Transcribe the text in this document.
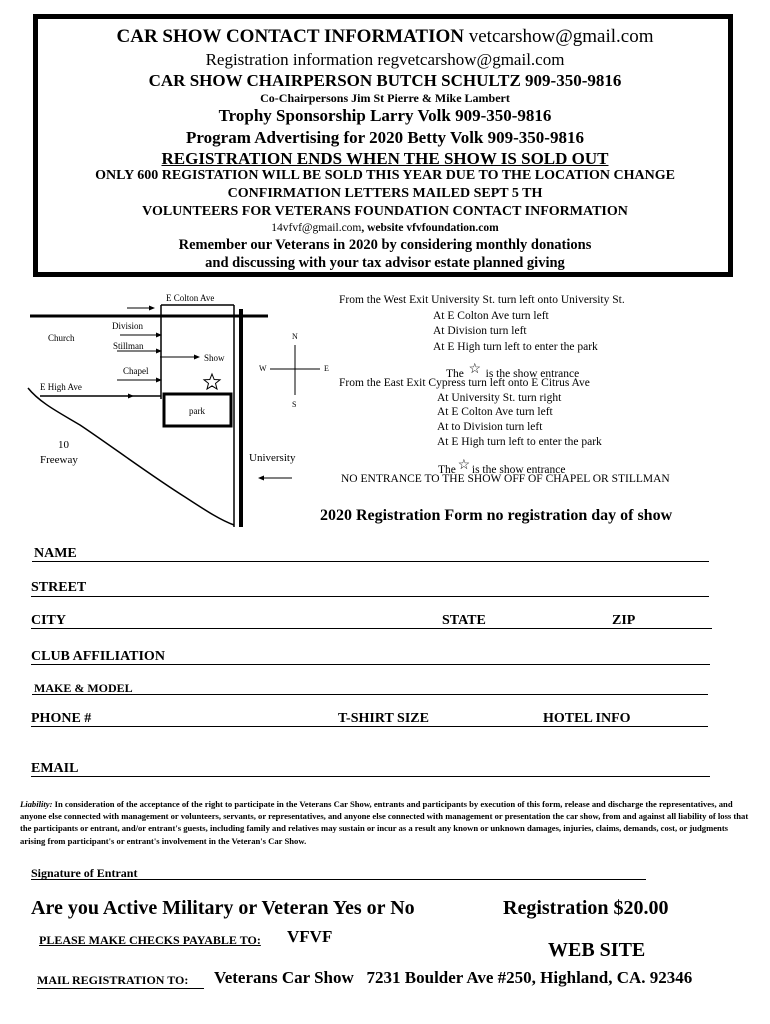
CAR SHOW CONTACT INFORMATION vetcarshow@gmail.com
Registration information regvetcarshow@gmail.com
CAR SHOW CHAIRPERSON BUTCH SCHULTZ 909-350-9816
Co-Chairpersons Jim St Pierre & Mike Lambert
Trophy Sponsorship Larry Volk 909-350-9816
Program Advertising for 2020 Betty Volk 909-350-9816
REGISTRATION ENDS WHEN THE SHOW IS SOLD OUT
ONLY 600 REGISTATION WILL BE SOLD THIS YEAR DUE TO THE LOCATION CHANGE
CONFIRMATION LETTERS MAILED SEPT 5 TH
VOLUNTEERS FOR VETERANS FOUNDATION CONTACT INFORMATION
14vfvf@gmail.com, website vfvfoundation.com
Remember our Veterans in 2020 by considering monthly donations
and discussing with your tax advisor estate planned giving
E Colton Ave
Division
Church
Stillman
Show
Chapel
E High Ave
park
10
Freeway	University
N
S
W	E
From the West Exit University St. turn left onto University St.
At E Colton Ave turn left
At Division turn left
At E High turn left to enter the park
The ☆ is the show entrance
From the East Exit Cypress turn left onto E Citrus Ave
At University St. turn right
At E Colton Ave turn left
At to Division turn left
At E High turn left to enter the park
The ☆ is the show entrance
NO ENTRANCE TO THE SHOW OFF OF CHAPEL OR STILLMAN
2020 Registration Form no registration day of show
NAME
STREET
CITY	STATE	ZIP
CLUB AFFILIATION
MAKE & MODEL
PHONE #	T-SHIRT SIZE	HOTEL INFO
EMAIL
Liability: In consideration of the acceptance of the right to participate in the Veterans Car Show, entrants and participants by execution of this form, release and discharge the representatives, and anyone else connected with management or volunteers, servants, or representatives, and anyone else connected with management or presentation the car show, from and against all liability of loss that the participants or entrant, and/or entrant's guests, including family and relatives may sustain or incur as a result any known or unknown damages, injuries, claims, demands, cost, or judgments arising from participant's or entrant's involvement in the Veteran's Car Show.
Signature of Entrant
Are you Active Military or Veteran Yes or No	Registration $20.00
PLEASE MAKE CHECKS PAYABLE TO: VFVF
WEB SITE
MAIL REGISTRATION TO:	Veterans Car Show   7231 Boulder Ave #250, Highland, CA. 92346
